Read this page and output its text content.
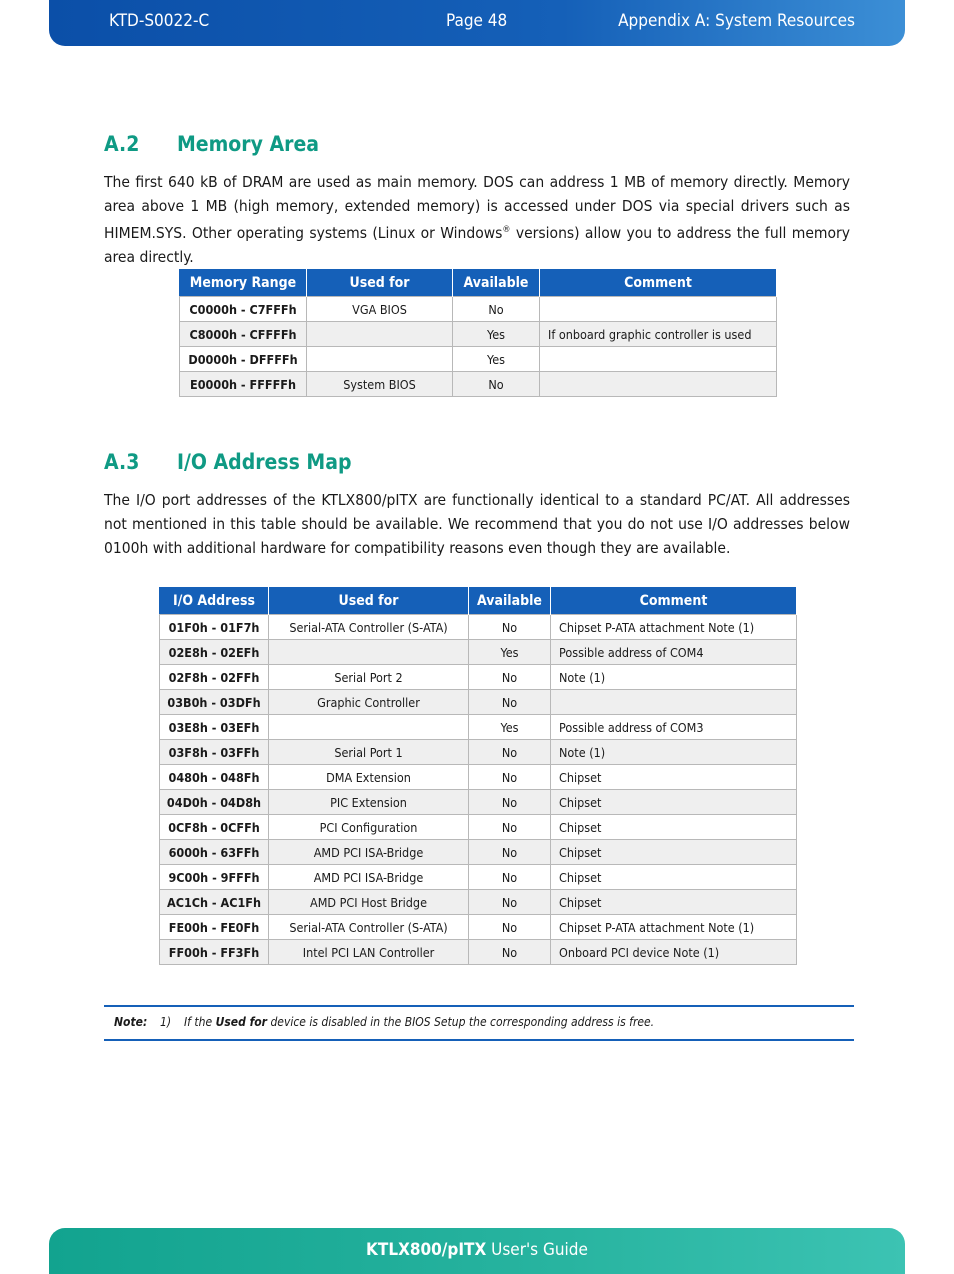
KTD-S0022-C	Page 48	Appendix A: System Resources
A.2 Memory Area

The first 640 kB of DRAM are used as main memory. DOS can address 1 MB of memory directly. Memory area above 1 MB (high memory, extended memory) is accessed under DOS via special drivers such as HIMEM.SYS. Other operating systems (Linux or Windows® versions) allow you to address the full memory area directly.

Memory Range	Used for	Available	Comment
C0000h - C7FFFh	VGA BIOS	No	
C8000h - CFFFFh		Yes	If onboard graphic controller is used
D0000h - DFFFFh		Yes	
E0000h - FFFFFh	System BIOS	No	
A.3 I/O Address Map

The I/O port addresses of the KTLX800/pITX are functionally identical to a standard PC/AT. All addresses not mentioned in this table should be available. We recommend that you do not use I/O addresses below 0100h with additional hardware for compatibility reasons even though they are available.

I/O Address	Used for	Available	Comment
01F0h - 01F7h	Serial-ATA Controller (S-ATA)	No	Chipset P-ATA attachment Note (1)
02E8h - 02EFh		Yes	Possible address of COM4
02F8h - 02FFh	Serial Port 2	No	Note (1)
03B0h - 03DFh	Graphic Controller	No	
03E8h - 03EFh		Yes	Possible address of COM3
03F8h - 03FFh	Serial Port 1	No	Note (1)
0480h - 048Fh	DMA Extension	No	Chipset
04D0h - 04D8h	PIC Extension	No	Chipset
0CF8h - 0CFFh	PCI Configuration	No	Chipset
6000h - 63FFh	AMD PCI ISA-Bridge	No	Chipset
9C00h - 9FFFh	AMD PCI ISA-Bridge	No	Chipset
AC1Ch - AC1Fh	AMD PCI Host Bridge	No	Chipset
FE00h - FE0Fh	Serial-ATA Controller (S-ATA)	No	Chipset P-ATA attachment Note (1)
FF00h - FF3Fh	Intel PCI LAN Controller	No	Onboard PCI device Note (1)
Note: 1) If the Used for device is disabled in the BIOS Setup the corresponding address is free.
KTLX800/pITX User's Guide
